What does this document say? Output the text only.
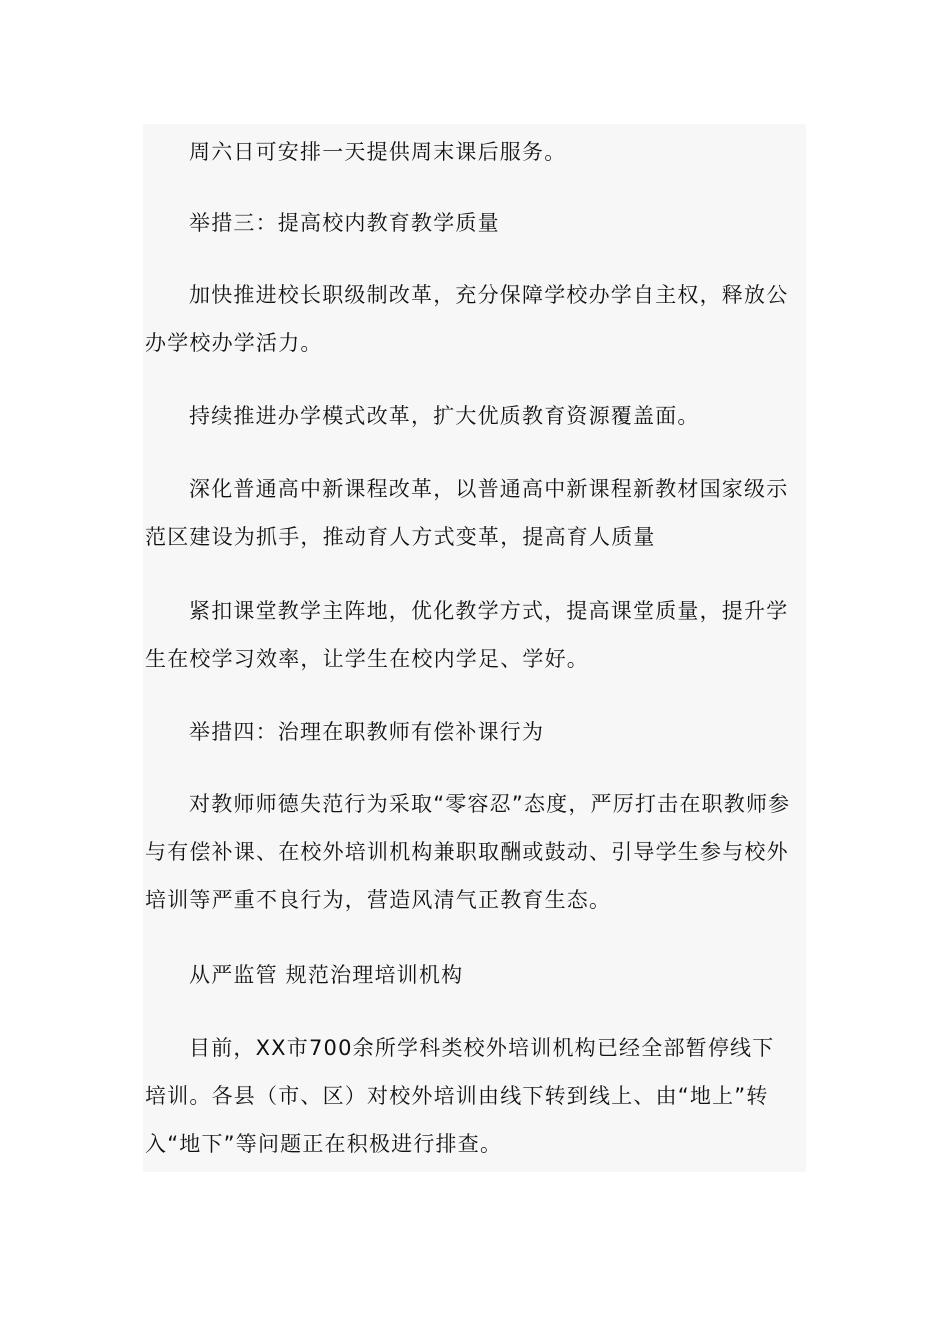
周六日可安排一天提供周末课后服务。

举措三：提高校内教育教学质量

加快推进校长职级制改革，充分保障学校办学自主权，释放公办学校办学活力。

持续推进办学模式改革，扩大优质教育资源覆盖面。

深化普通高中新课程改革，以普通高中新课程新教材国家级示范区建设为抓手，推动育人方式变革，提高育人质量

紧扣课堂教学主阵地，优化教学方式，提高课堂质量，提升学生在校学习效率，让学生在校内学足、学好。

举措四：治理在职教师有偿补课行为

对教师师德失范行为采取“零容忍”态度，严厉打击在职教师参与有偿补课、在校外培训机构兼职取酬或鼓动、引导学生参与校外培训等严重不良行为，营造风清气正教育生态。

从严监管 规范治理培训机构

目前，XX市700余所学科类校外培训机构已经全部暂停线下培训。各县（市、区）对校外培训由线下转到线上、由“地上”转入“地下”等问题正在积极进行排查。
